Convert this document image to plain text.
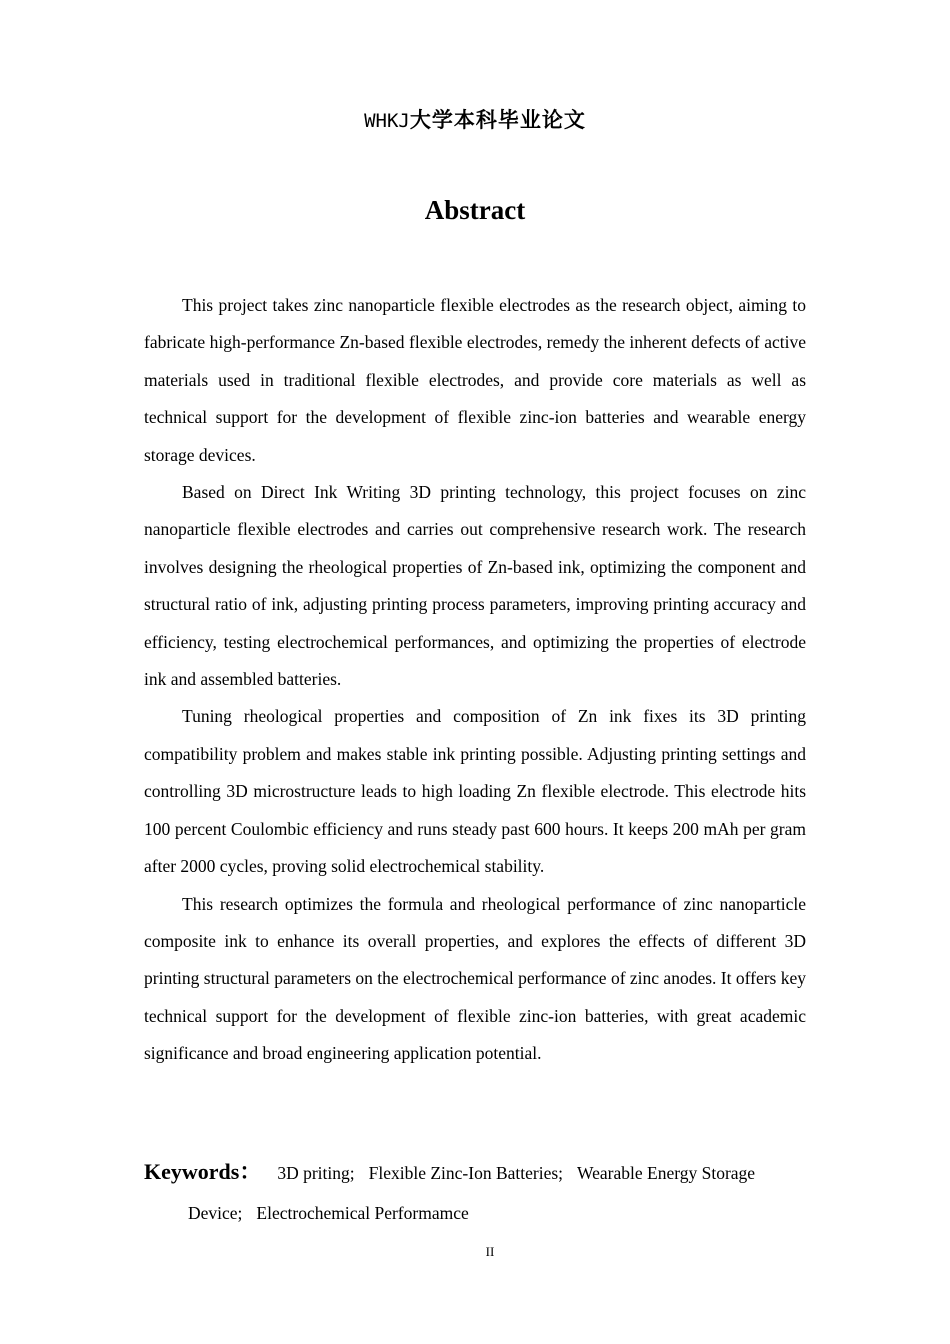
WHKJ大学本科毕业论文
Abstract

This project takes zinc nanoparticle flexible electrodes as the research object, aiming to fabricate high-performance Zn-based flexible electrodes, remedy the inherent defects of active materials used in traditional flexible electrodes, and provide core materials as well as technical support for the development of flexible zinc-ion batteries and wearable energy storage devices.

Based on Direct Ink Writing 3D printing technology, this project focuses on zinc nanoparticle flexible electrodes and carries out comprehensive research work. The research involves designing the rheological properties of Zn-based ink, optimizing the component and structural ratio of ink, adjusting printing process parameters, improving printing accuracy and efficiency, testing electrochemical performances, and optimizing the properties of electrode ink and assembled batteries.

Tuning rheological properties and composition of Zn ink fixes its 3D printing compatibility problem and makes stable ink printing possible. Adjusting printing settings and controlling 3D microstructure leads to high loading Zn flexible electrode. This electrode hits 100 percent Coulombic efficiency and runs steady past 600 hours. It keeps 200 mAh per gram after 2000 cycles, proving solid electrochemical stability.

This research optimizes the formula and rheological performance of zinc nanoparticle composite ink to enhance its overall properties, and explores the effects of different 3D printing structural parameters on the electrochemical performance of zinc anodes. It offers key technical support for the development of flexible zinc-ion batteries, with great academic significance and broad engineering application potential.

Keywords： 3D priting; Flexible Zinc-Ion Batteries; Wearable Energy Storage
Device; Electrochemical Performamce
II
